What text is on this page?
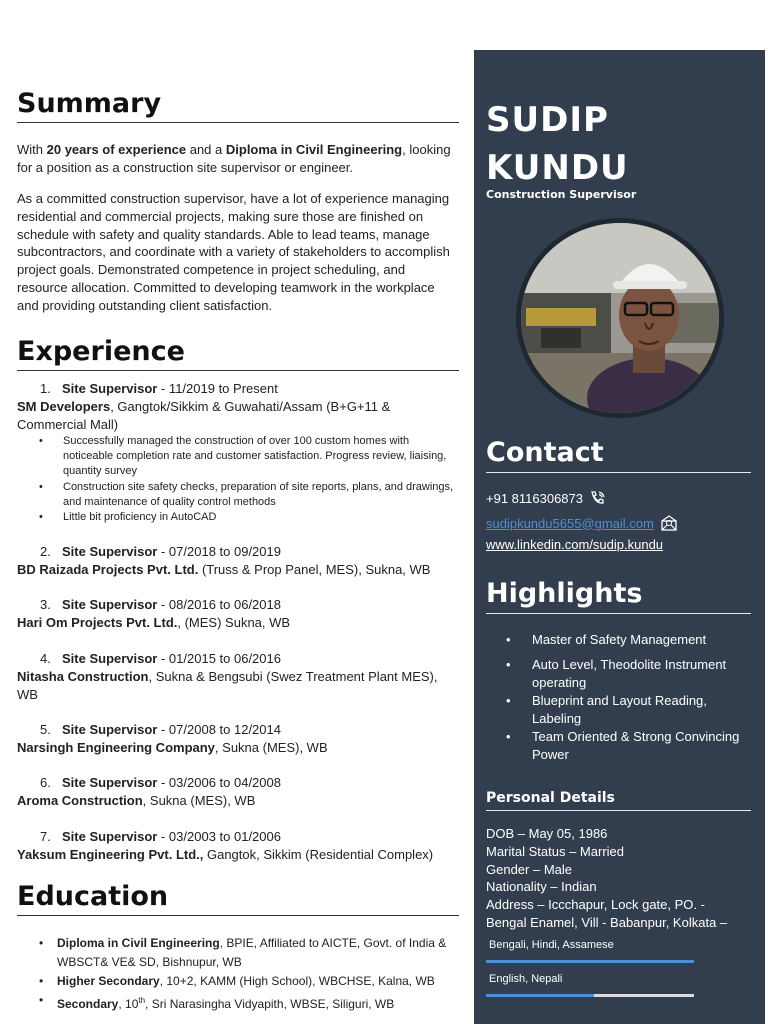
Summary
With 20 years of experience and a Diploma in Civil Engineering, looking for a position as a construction site supervisor or engineer.
As a committed construction supervisor, have a lot of experience managing residential and commercial projects, making sure those are finished on schedule with safety and quality standards. Able to lead teams, manage subcontractors, and coordinate with a variety of stakeholders to accomplish project goals. Demonstrated competence in project scheduling, and resource allocation. Committed to developing teamwork in the workplace and providing outstanding client satisfaction.
Experience
1. Site Supervisor - 11/2019 to Present
SM Developers, Gangtok/Sikkim & Guwahati/Assam (B+G+11 & Commercial Mall)
• Successfully managed the construction of over 100 custom homes with noticeable completion rate and customer satisfaction. Progress review, liaising, quantity survey
• Construction site safety checks, preparation of site reports, plans, and drawings, and maintenance of quality control methods
• Little bit proficiency in AutoCAD
2. Site Supervisor - 07/2018 to 09/2019
BD Raizada Projects Pvt. Ltd. (Truss & Prop Panel, MES), Sukna, WB
3. Site Supervisor - 08/2016 to 06/2018
Hari Om Projects Pvt. Ltd., (MES) Sukna, WB
4. Site Supervisor - 01/2015 to 06/2016
Nitasha Construction, Sukna & Bengsubi (Swez Treatment Plant MES), WB
5. Site Supervisor - 07/2008 to 12/2014
Narsingh Engineering Company, Sukna (MES), WB
6. Site Supervisor - 03/2006 to 04/2008
Aroma Construction, Sukna (MES), WB
7. Site Supervisor - 03/2003 to 01/2006
Yaksum Engineering Pvt. Ltd., Gangtok, Sikkim (Residential Complex)
Education
• Diploma in Civil Engineering, BPIE, Affiliated to AICTE, Govt. of India & WBSCT& VE& SD, Bishnupur, WB
• Higher Secondary, 10+2, KAMM (High School), WBCHSE, Kalna, WB
• Secondary, 10th, Sri Narasingha Vidyapith, WBSE, Siliguri, WB
SUDIP
KUNDU
Construction Supervisor
Contact
+91 8116306873
sudipkundu5655@gmail.com
www.linkedin.com/sudip.kundu
Highlights
• Master of Safety Management
• Auto Level, Theodolite Instrument operating
• Blueprint and Layout Reading, Labeling
• Team Oriented & Strong Convincing Power
Personal Details
DOB – May 05, 1986
Marital Status – Married
Gender – Male
Nationality – Indian
Address – Iccchapur, Lock gate, PO. -
Bengal Enamel, Vill - Babanpur, Kolkata –
Bengali, Hindi, Assamese
English, Nepali
